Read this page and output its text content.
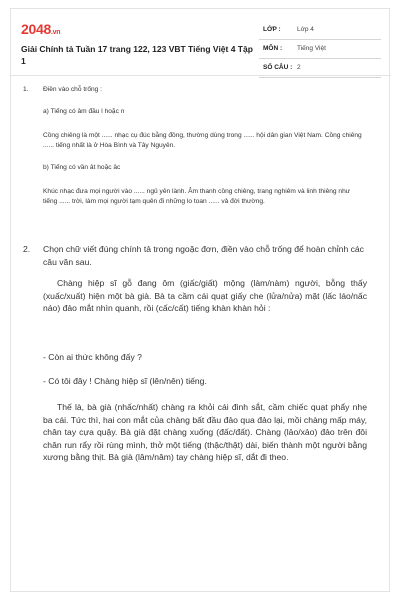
2048.vn
Giải Chính tả Tuần 17 trang 122, 123 VBT Tiếng Việt 4 Tập 1
LỚP :	Lớp 4
MÔN : Tiếng Việt
SỐ CÂU : 2
1. Điền vào chỗ trống :
a) Tiếng có âm đầu l hoặc n
Cồng chiêng là một ...... nhạc cụ đúc bằng đồng, thường dùng trong ...... hội dân gian Việt Nam. Cồng chiêng ...... tiếng nhất là ở Hòa Bình và Tây Nguyên.
b) Tiếng có vần ât hoặc âc
Khúc nhạc đưa mọi người vào ...... ngủ yên lành. Âm thanh cồng chiêng, trang nghiêm và linh thiêng như tiếng ...... trời, làm mọi người tạm quên đi những lo toan ...... vả đời thường.
2. Chọn chữ viết đúng chính tả trong ngoặc đơn, điền vào chỗ trống để hoàn chỉnh các câu văn sau.
Chàng hiệp sĩ gỗ đang ôm (giấc/giất) mộng (làm/nàm) người, bỗng thấy (xuấc/xuất) hiện một bà già. Bà ta cầm cái quạt giấy che (lửa/nửa) mặt (lấc láo/nấc náo) đảo mắt nhìn quanh, rồi (cấc/cất) tiếng khàn khàn hỏi :
- Còn ai thức không đấy ?
- Có tôi đây ! Chàng hiệp sĩ (lên/nên) tiếng.
Thế là, bà già (nhấc/nhất) chàng ra khỏi cái đinh sắt, cầm chiếc quạt phẩy nhẹ ba cái. Tức thì, hai con mắt của chàng bất đầu đảo qua đảo lại, mồi chàng mấp máy, chân tay cựa quậy. Bà già đặt chàng xuống (đấc/đất). Chàng (lảo/xảo) đảo trên đôi chân run rẩy rồi rùng mình, thở một tiếng (thậc/thật) dài, biến thành một người bằng xương bằng thịt. Bà già (lâm/nâm) tay chàng hiệp sĩ, dắt đi theo.
